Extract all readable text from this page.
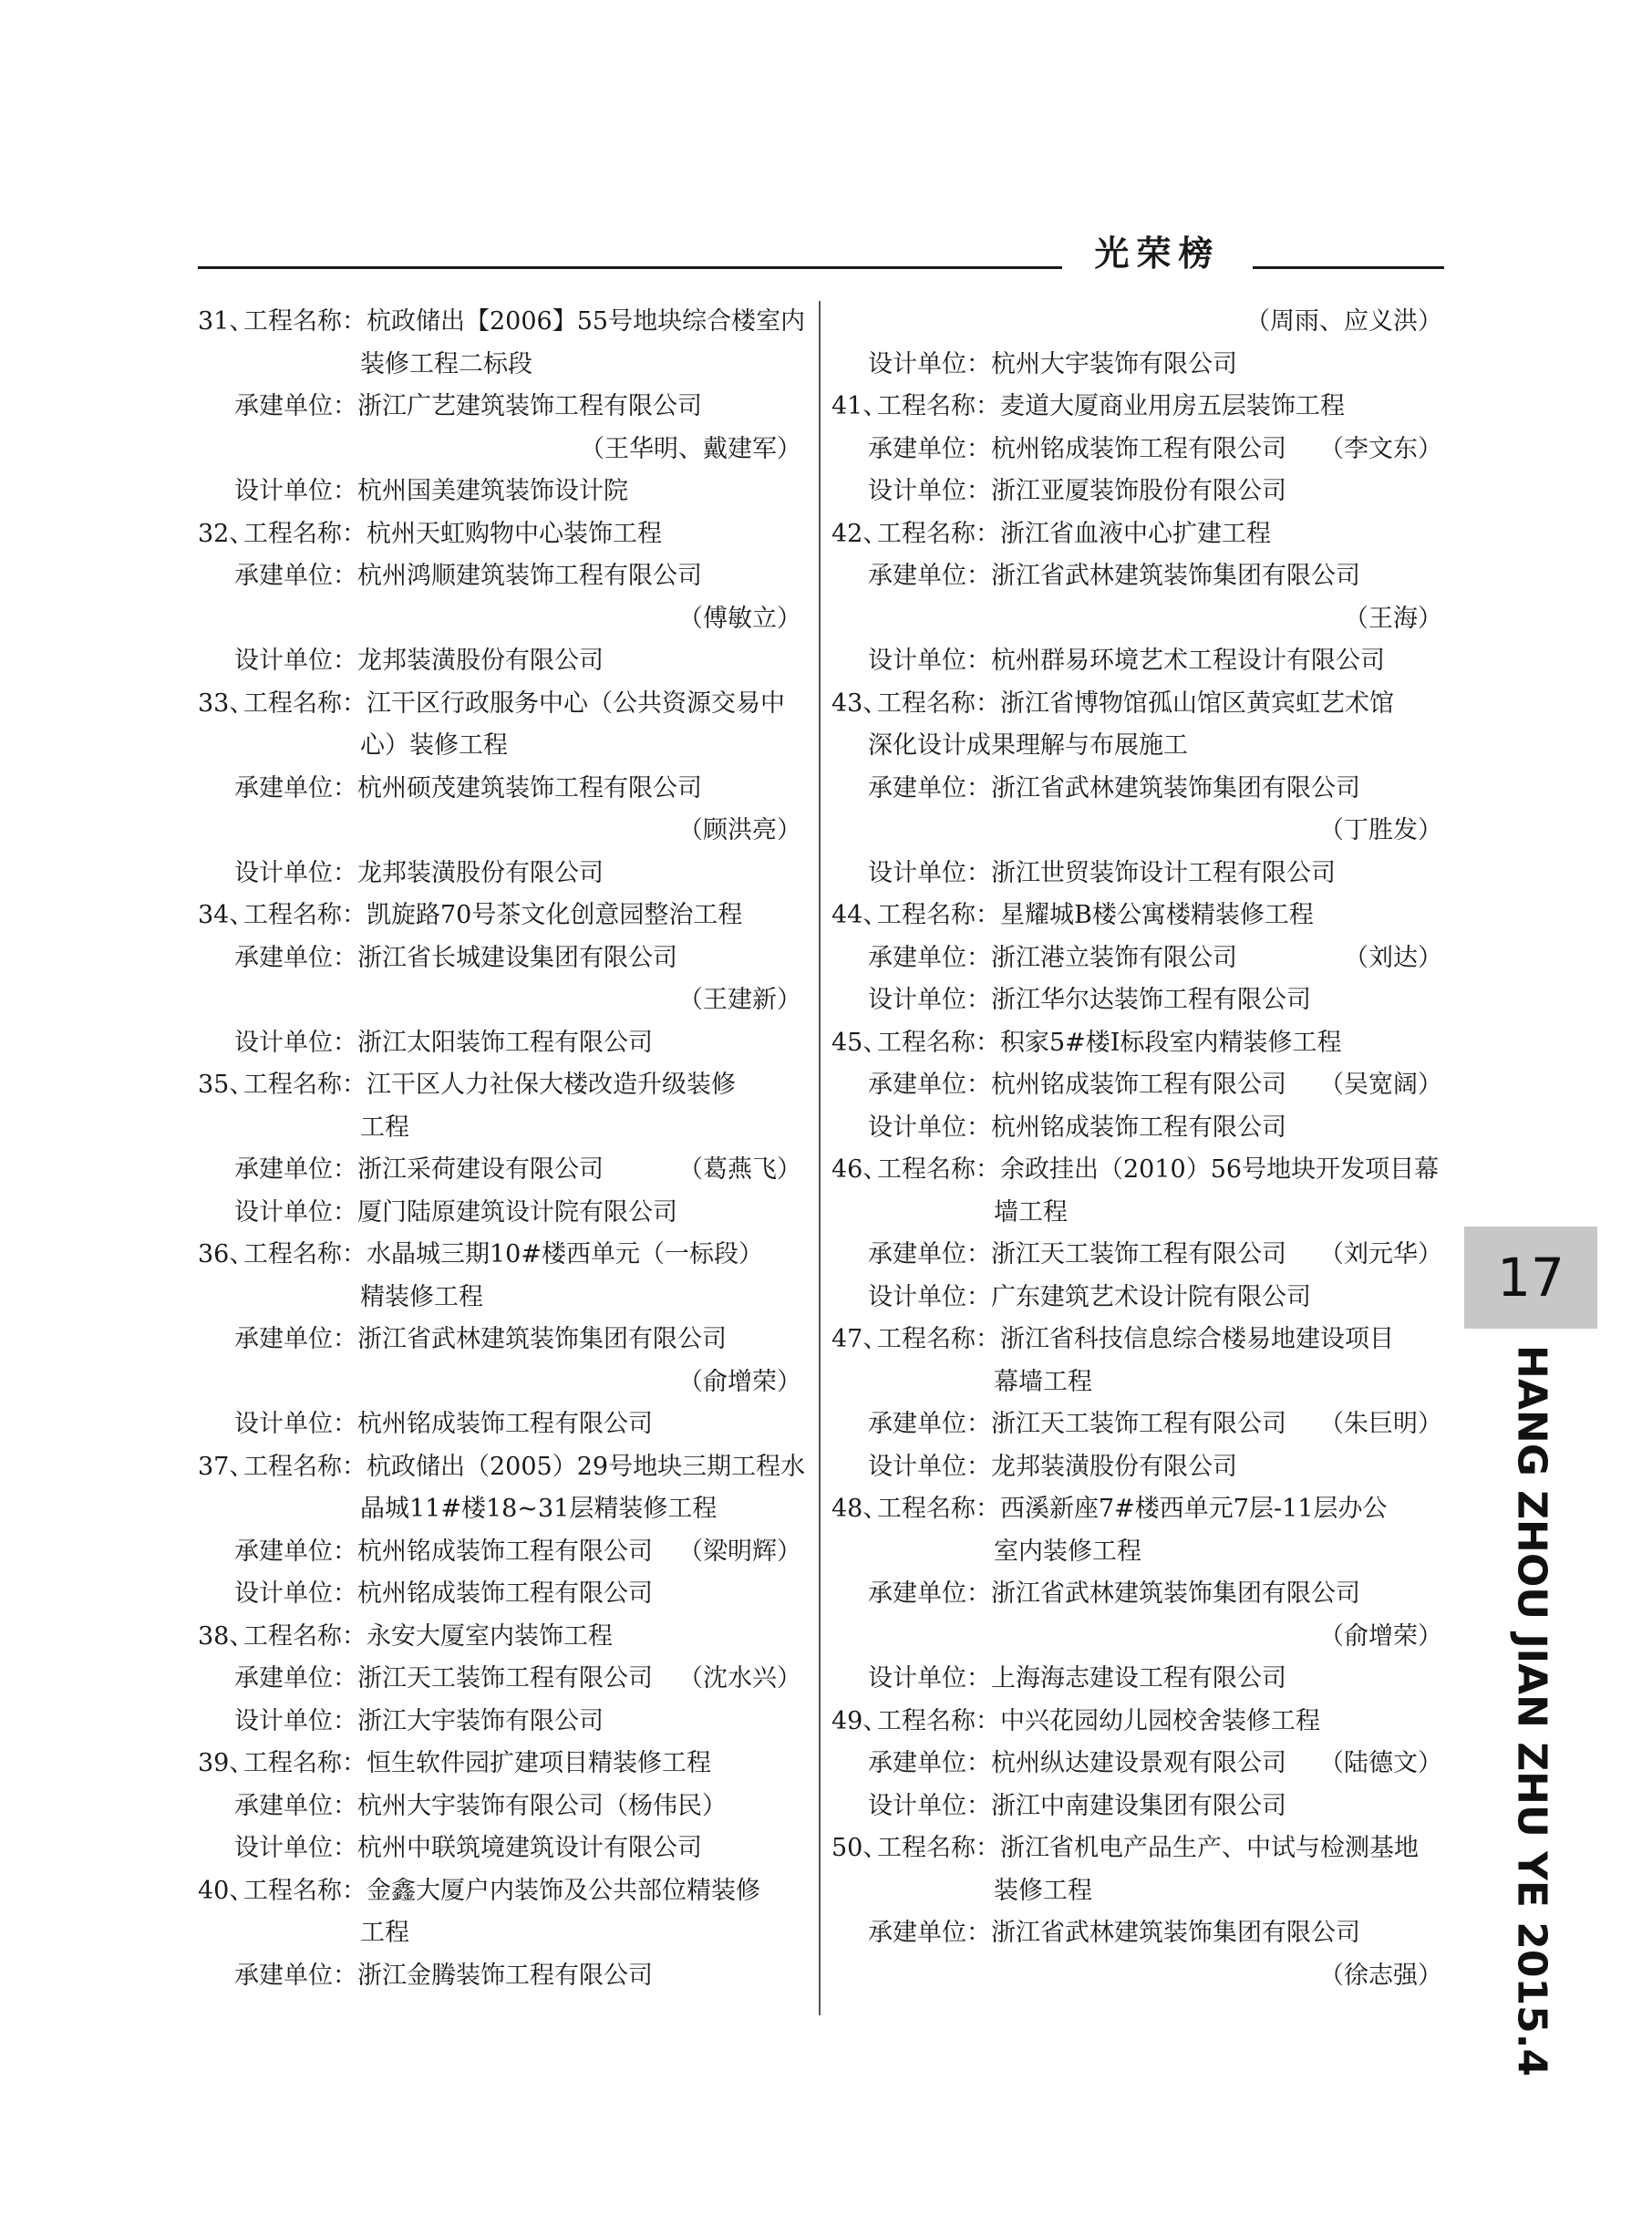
光荣榜
31、工程名称：杭政储出【2006】55号地块综合楼室内
装修工程二标段
承建单位：浙江广艺建筑装饰工程有限公司
（王华明、戴建军）
设计单位：杭州国美建筑装饰设计院
32、工程名称：杭州天虹购物中心装饰工程
承建单位：杭州鸿顺建筑装饰工程有限公司
（傅敏立）
设计单位：龙邦装潢股份有限公司
33、工程名称：江干区行政服务中心（公共资源交易中
心）装修工程
承建单位：杭州硕茂建筑装饰工程有限公司
（顾洪亮）
设计单位：龙邦装潢股份有限公司
34、工程名称：凯旋路70号茶文化创意园整治工程
承建单位：浙江省长城建设集团有限公司
（王建新）
设计单位：浙江太阳装饰工程有限公司
35、工程名称：江干区人力社保大楼改造升级装修
工程
承建单位：浙江采荷建设有限公司	（葛燕飞）
设计单位：厦门陆原建筑设计院有限公司
36、工程名称：水晶城三期10#楼西单元（一标段）
精装修工程
承建单位：浙江省武林建筑装饰集团有限公司
（俞增荣）
设计单位：杭州铭成装饰工程有限公司
37、工程名称：杭政储出（2005）29号地块三期工程水
晶城11#楼18~31层精装修工程
承建单位：杭州铭成装饰工程有限公司 （梁明辉）
设计单位：杭州铭成装饰工程有限公司
38、工程名称：永安大厦室内装饰工程
承建单位：浙江天工装饰工程有限公司 （沈水兴）
设计单位：浙江大宇装饰有限公司
39、工程名称：恒生软件园扩建项目精装修工程
承建单位：杭州大宇装饰有限公司（杨伟民）
设计单位：杭州中联筑境建筑设计有限公司
40、工程名称：金鑫大厦户内装饰及公共部位精装修
工程
承建单位：浙江金腾装饰工程有限公司
（周雨、应义洪）
设计单位：杭州大宇装饰有限公司
41、工程名称：麦道大厦商业用房五层装饰工程
承建单位：杭州铭成装饰工程有限公司 （李文东）
设计单位：浙江亚厦装饰股份有限公司
42、工程名称：浙江省血液中心扩建工程
承建单位：浙江省武林建筑装饰集团有限公司
（王海）
设计单位：杭州群易环境艺术工程设计有限公司
43、工程名称：浙江省博物馆孤山馆区黄宾虹艺术馆
深化设计成果理解与布展施工
承建单位：浙江省武林建筑装饰集团有限公司
（丁胜发）
设计单位：浙江世贸装饰设计工程有限公司
44、工程名称：星耀城B楼公寓楼精装修工程
承建单位：浙江港立装饰有限公司	（刘达）
设计单位：浙江华尔达装饰工程有限公司
45、工程名称：积家5#楼I标段室内精装修工程
承建单位：杭州铭成装饰工程有限公司 （吴宽阔）
设计单位：杭州铭成装饰工程有限公司
46、工程名称：余政挂出（2010）56号地块开发项目幕
墙工程
承建单位：浙江天工装饰工程有限公司 （刘元华）
设计单位：广东建筑艺术设计院有限公司
47、工程名称：浙江省科技信息综合楼易地建设项目
幕墙工程
承建单位：浙江天工装饰工程有限公司 （朱巨明）
设计单位：龙邦装潢股份有限公司
48、工程名称：西溪新座7#楼西单元7层-11层办公
室内装修工程
承建单位：浙江省武林建筑装饰集团有限公司
（俞增荣）
设计单位：上海海志建设工程有限公司
49、工程名称：中兴花园幼儿园校舍装修工程
承建单位：杭州纵达建设景观有限公司 （陆德文）
设计单位：浙江中南建设集团有限公司
50、工程名称：浙江省机电产品生产、中试与检测基地
装修工程
承建单位：浙江省武林建筑装饰集团有限公司
（徐志强）
17
HANG ZHOU JIAN ZHU YE 2015.4
